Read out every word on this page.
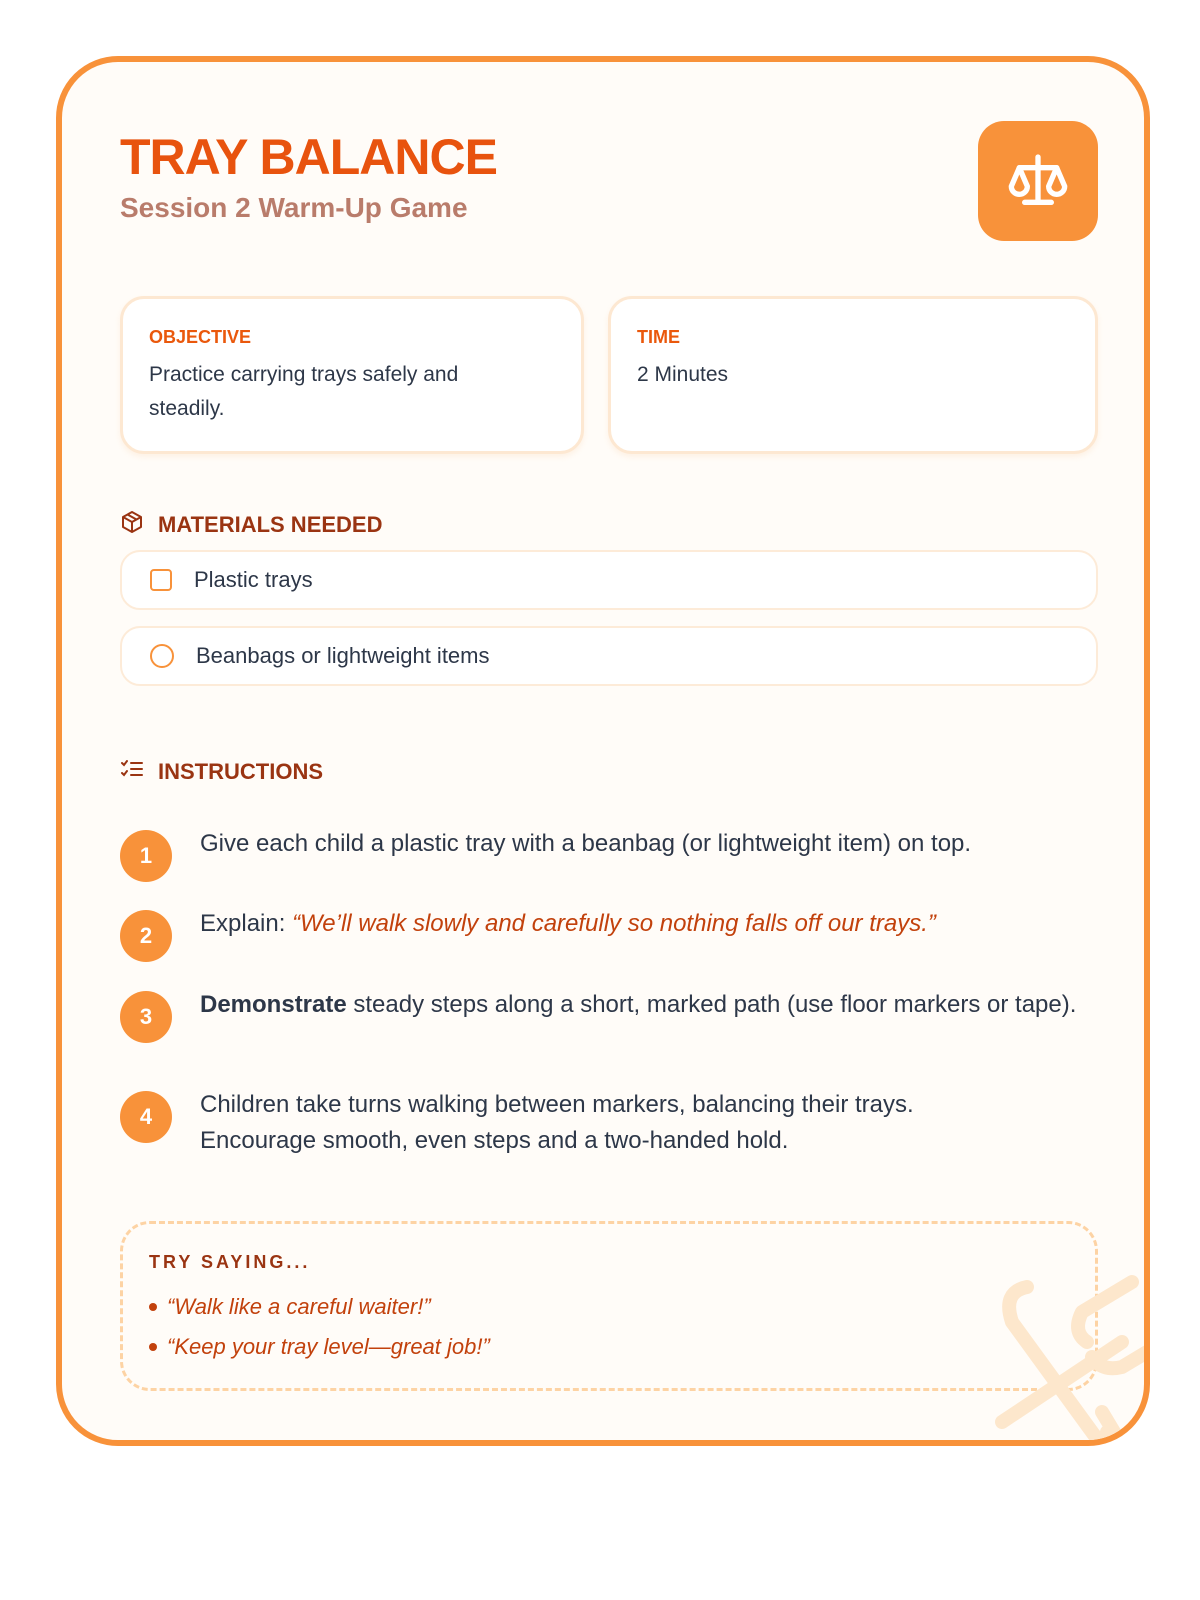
TRAY BALANCE
Session 2 Warm-Up Game
OBJECTIVE
Practice carrying trays safely and steadily.
TIME
2 Minutes
MATERIALS NEEDED
Plastic trays
Beanbags or lightweight items
INSTRUCTIONS
1	Give each child a plastic tray with a beanbag (or lightweight item) on top.
2	Explain: “We’ll walk slowly and carefully so nothing falls off our trays.”
3	Demonstrate steady steps along a short, marked path (use floor markers or tape).
4	Children take turns walking between markers, balancing their trays. Encourage smooth, even steps and a two-handed hold.
TRY SAYING...
“Walk like a careful waiter!”
“Keep your tray level—great job!”
